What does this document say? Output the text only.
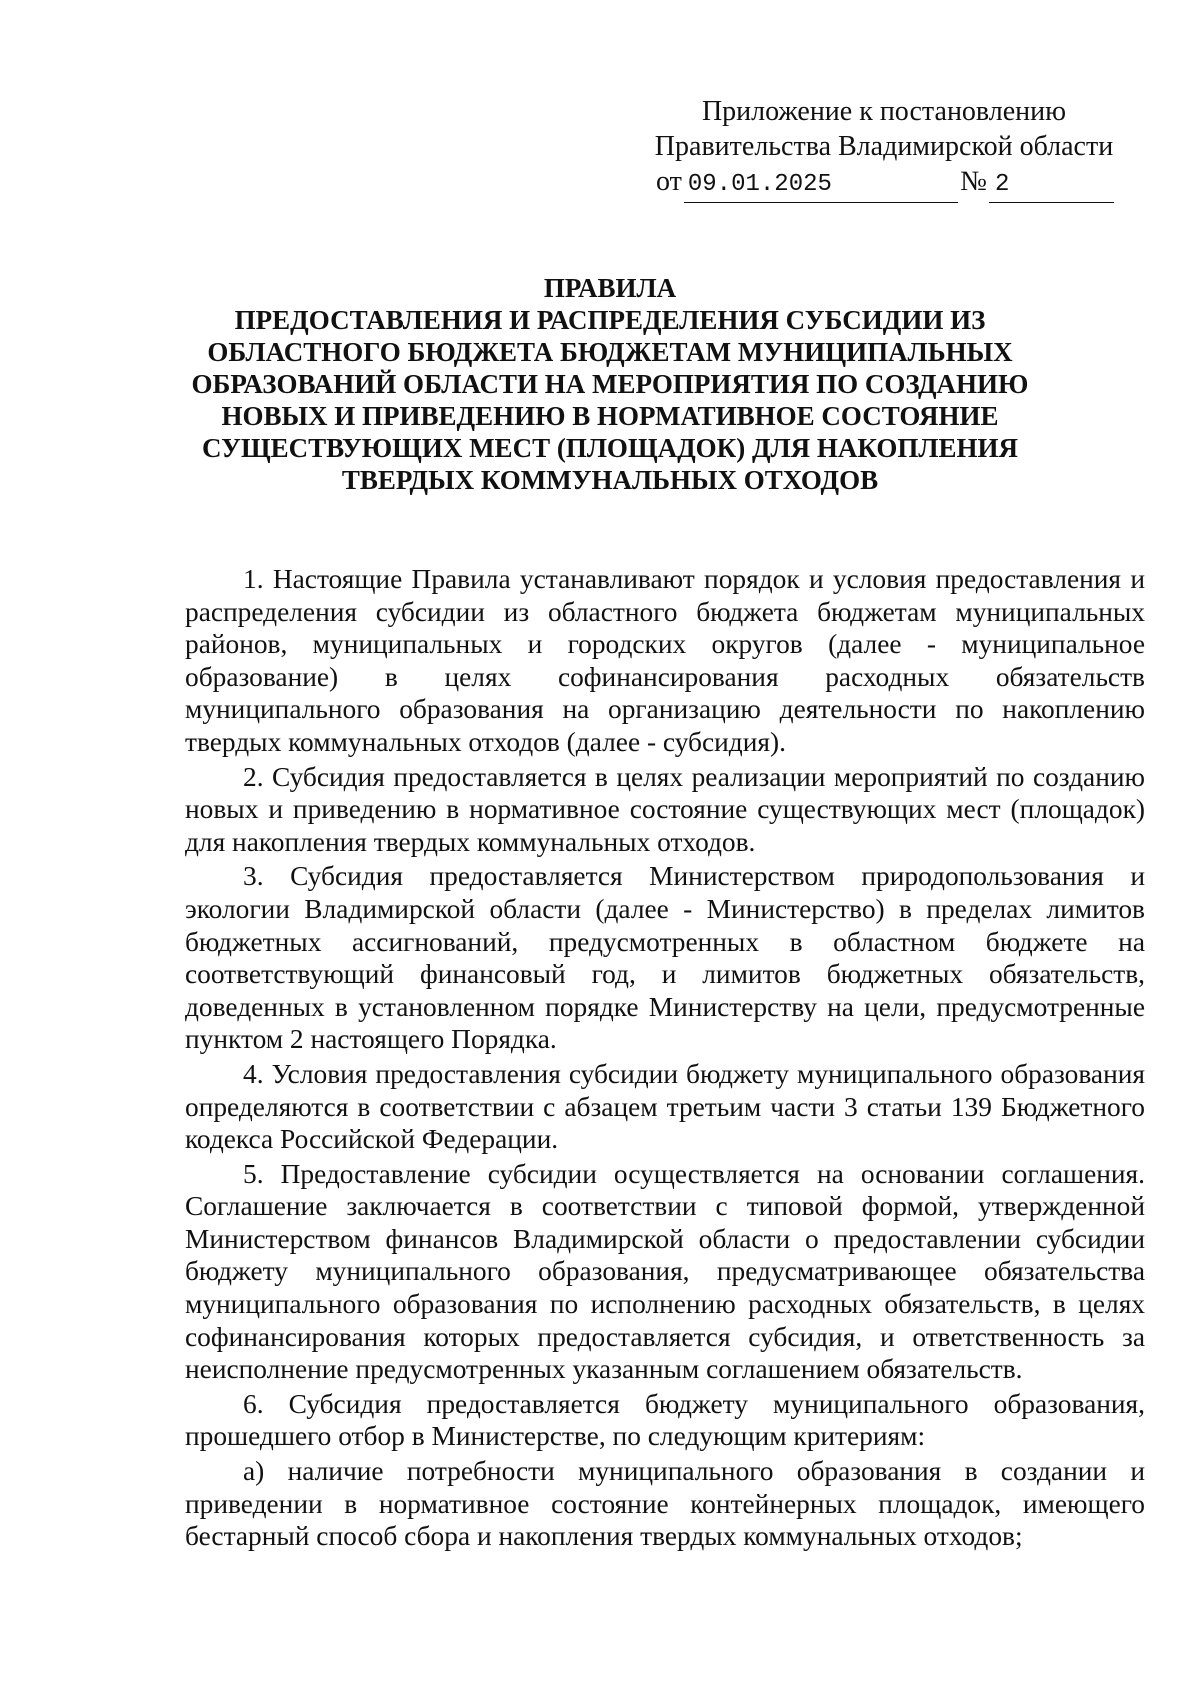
Приложение к постановлению
Правительства Владимирской области
от 09.01.2025	№ 2
ПРАВИЛА
ПРЕДОСТАВЛЕНИЯ И РАСПРЕДЕЛЕНИЯ СУБСИДИИ ИЗ
ОБЛАСТНОГО БЮДЖЕТА БЮДЖЕТАМ МУНИЦИПАЛЬНЫХ
ОБРАЗОВАНИЙ ОБЛАСТИ НА МЕРОПРИЯТИЯ ПО СОЗДАНИЮ
НОВЫХ И ПРИВЕДЕНИЮ В НОРМАТИВНОЕ СОСТОЯНИЕ
СУЩЕСТВУЮЩИХ МЕСТ (ПЛОЩАДОК) ДЛЯ НАКОПЛЕНИЯ
ТВЕРДЫХ КОММУНАЛЬНЫХ ОТХОДОВ

1. Настоящие Правила устанавливают порядок и условия предоставления и распределения субсидии из областного бюджета бюджетам муниципальных районов, муниципальных и городских округов (далее - муниципальное образование) в целях софинансирования расходных обязательств муниципального образования на организацию деятельности по накоплению твердых коммунальных отходов (далее - субсидия).

2. Субсидия предоставляется в целях реализации мероприятий по созданию новых и приведению в нормативное состояние существующих мест (площадок) для накопления твердых коммунальных отходов.

3. Субсидия предоставляется Министерством природопользования и экологии Владимирской области (далее - Министерство) в пределах лимитов бюджетных ассигнований, предусмотренных в областном бюджете на соответствующий финансовый год, и лимитов бюджетных обязательств, доведенных в установленном порядке Министерству на цели, предусмотренные пунктом 2 настоящего Порядка.

4. Условия предоставления субсидии бюджету муниципального образования определяются в соответствии с абзацем третьим части 3 статьи 139 Бюджетного кодекса Российской Федерации.

5. Предоставление субсидии осуществляется на основании соглашения. Соглашение заключается в соответствии с типовой формой, утвержденной Министерством финансов Владимирской области о предоставлении субсидии бюджету муниципального образования, предусматривающее обязательства муниципального образования по исполнению расходных обязательств, в целях софинансирования которых предоставляется субсидия, и ответственность за неисполнение предусмотренных указанным соглашением обязательств.

6. Субсидия предоставляется бюджету муниципального образования, прошедшего отбор в Министерстве, по следующим критериям:

а) наличие потребности муниципального образования в создании и приведении в нормативное состояние контейнерных площадок, имеющего бестарный способ сбора и накопления твердых коммунальных отходов;
